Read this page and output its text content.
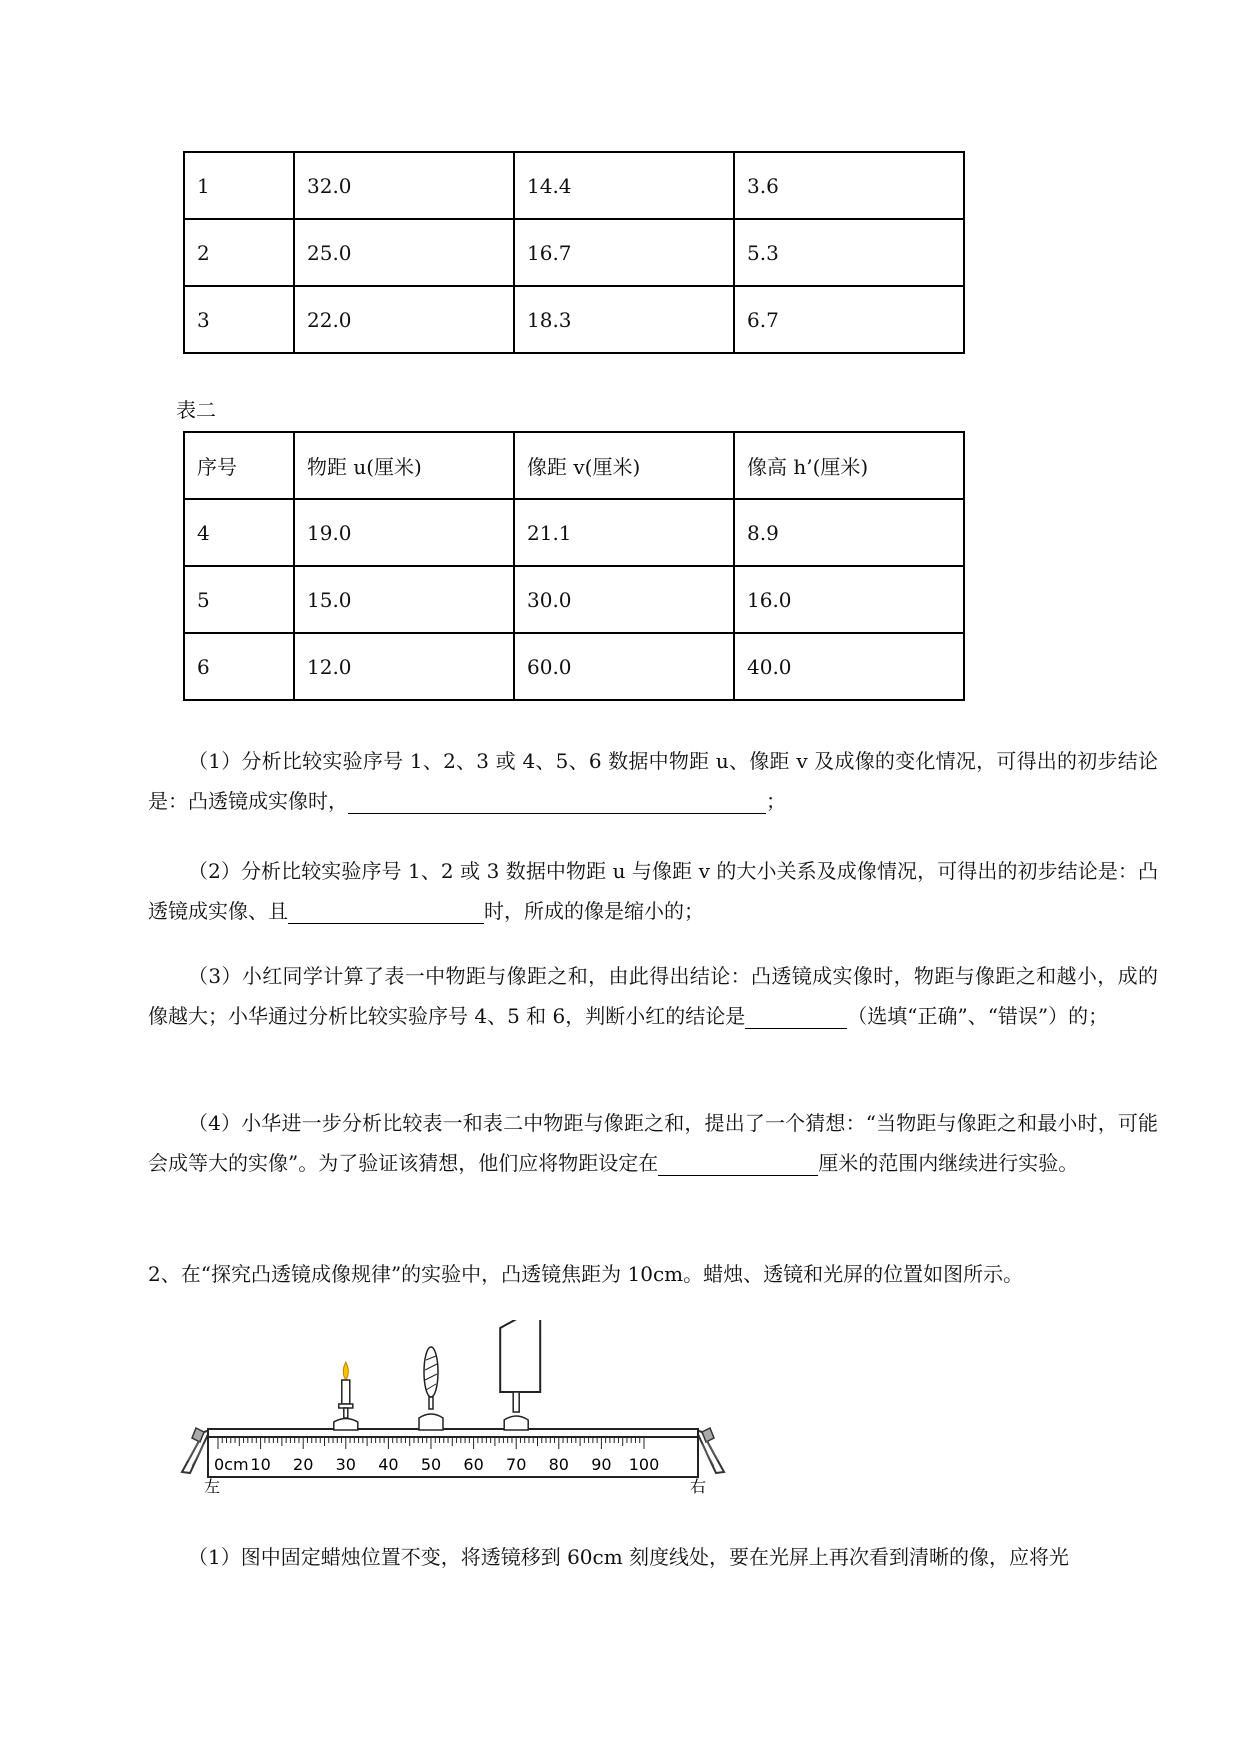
1	32.0	14.4	3.6
2	25.0	16.7	5.3
3	22.0	18.3	6.7
表二
序号	物距 u(厘米)	像距 v(厘米)	像高 h’(厘米)
4	19.0	21.1	8.9
5	15.0	30.0	16.0
6	12.0	60.0	40.0

（1）分析比较实验序号 1、2、3 或 4、5、6 数据中物距 u、像距 v 及成像的变化情况，可得出的初步结论是：凸透镜成实像时，	；

（2）分析比较实验序号 1、2 或 3 数据中物距 u 与像距 v 的大小关系及成像情况，可得出的初步结论是：凸透镜成实像、且	时，所成的像是缩小的；

（3）小红同学计算了表一中物距与像距之和，由此得出结论：凸透镜成实像时，物距与像距之和越小，成的像越大；小华通过分析比较实验序号 4、5 和 6，判断小红的结论是	（选填“正确”、“错误”）的；

（4）小华进一步分析比较表一和表二中物距与像距之和，提出了一个猜想：“当物距与像距之和最小时，可能会成等大的实像”。为了验证该猜想，他们应将物距设定在	厘米的范围内继续进行实验。

2、在“探究凸透镜成像规律”的实验中，凸透镜焦距为 10cm。蜡烛、透镜和光屏的位置如图所示。

0cm 10 20 30 40 50 60 70 80 90 100
左	右

（1）图中固定蜡烛位置不变，将透镜移到 60cm 刻度线处，要在光屏上再次看到清晰的像，应将光
